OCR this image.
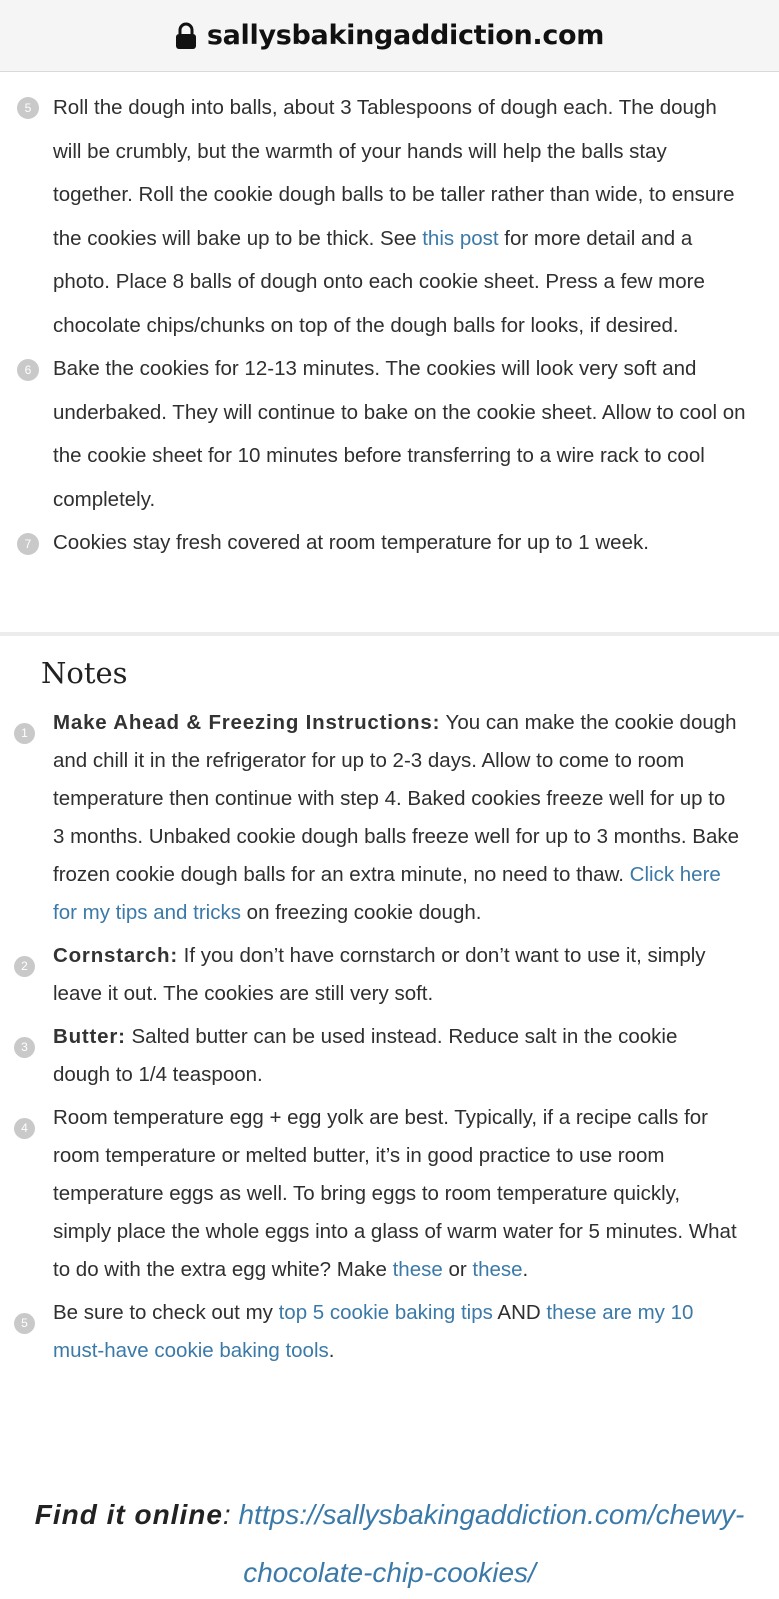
sallysbakingaddiction.com
5	Roll the dough into balls, about 3 Tablespoons of dough each. The dough will be crumbly, but the warmth of your hands will help the balls stay together. Roll the cookie dough balls to be taller rather than wide, to ensure the cookies will bake up to be thick. See this post for more detail and a photo. Place 8 balls of dough onto each cookie sheet. Press a few more chocolate chips/chunks on top of the dough balls for looks, if desired.
6	Bake the cookies for 12-13 minutes. The cookies will look very soft and underbaked. They will continue to bake on the cookie sheet. Allow to cool on the cookie sheet for 10 minutes before transferring to a wire rack to cool completely.
7	Cookies stay fresh covered at room temperature for up to 1 week.
Notes
1	Make Ahead & Freezing Instructions: You can make the cookie dough and chill it in the refrigerator for up to 2-3 days. Allow to come to room temperature then continue with step 4. Baked cookies freeze well for up to 3 months. Unbaked cookie dough balls freeze well for up to 3 months. Bake frozen cookie dough balls for an extra minute, no need to thaw. Click here for my tips and tricks on freezing cookie dough.
2	Cornstarch: If you don’t have cornstarch or don’t want to use it, simply leave it out. The cookies are still very soft.
3	Butter: Salted butter can be used instead. Reduce salt in the cookie dough to 1/4 teaspoon.
4	Room temperature egg + egg yolk are best. Typically, if a recipe calls for room temperature or melted butter, it’s in good practice to use room temperature eggs as well. To bring eggs to room temperature quickly, simply place the whole eggs into a glass of warm water for 5 minutes. What to do with the extra egg white? Make these or these.
5	Be sure to check out my top 5 cookie baking tips AND these are my 10 must-have cookie baking tools.
Find it online: https://sallysbakingaddiction.com/chewy-chocolate-chip-cookies/
